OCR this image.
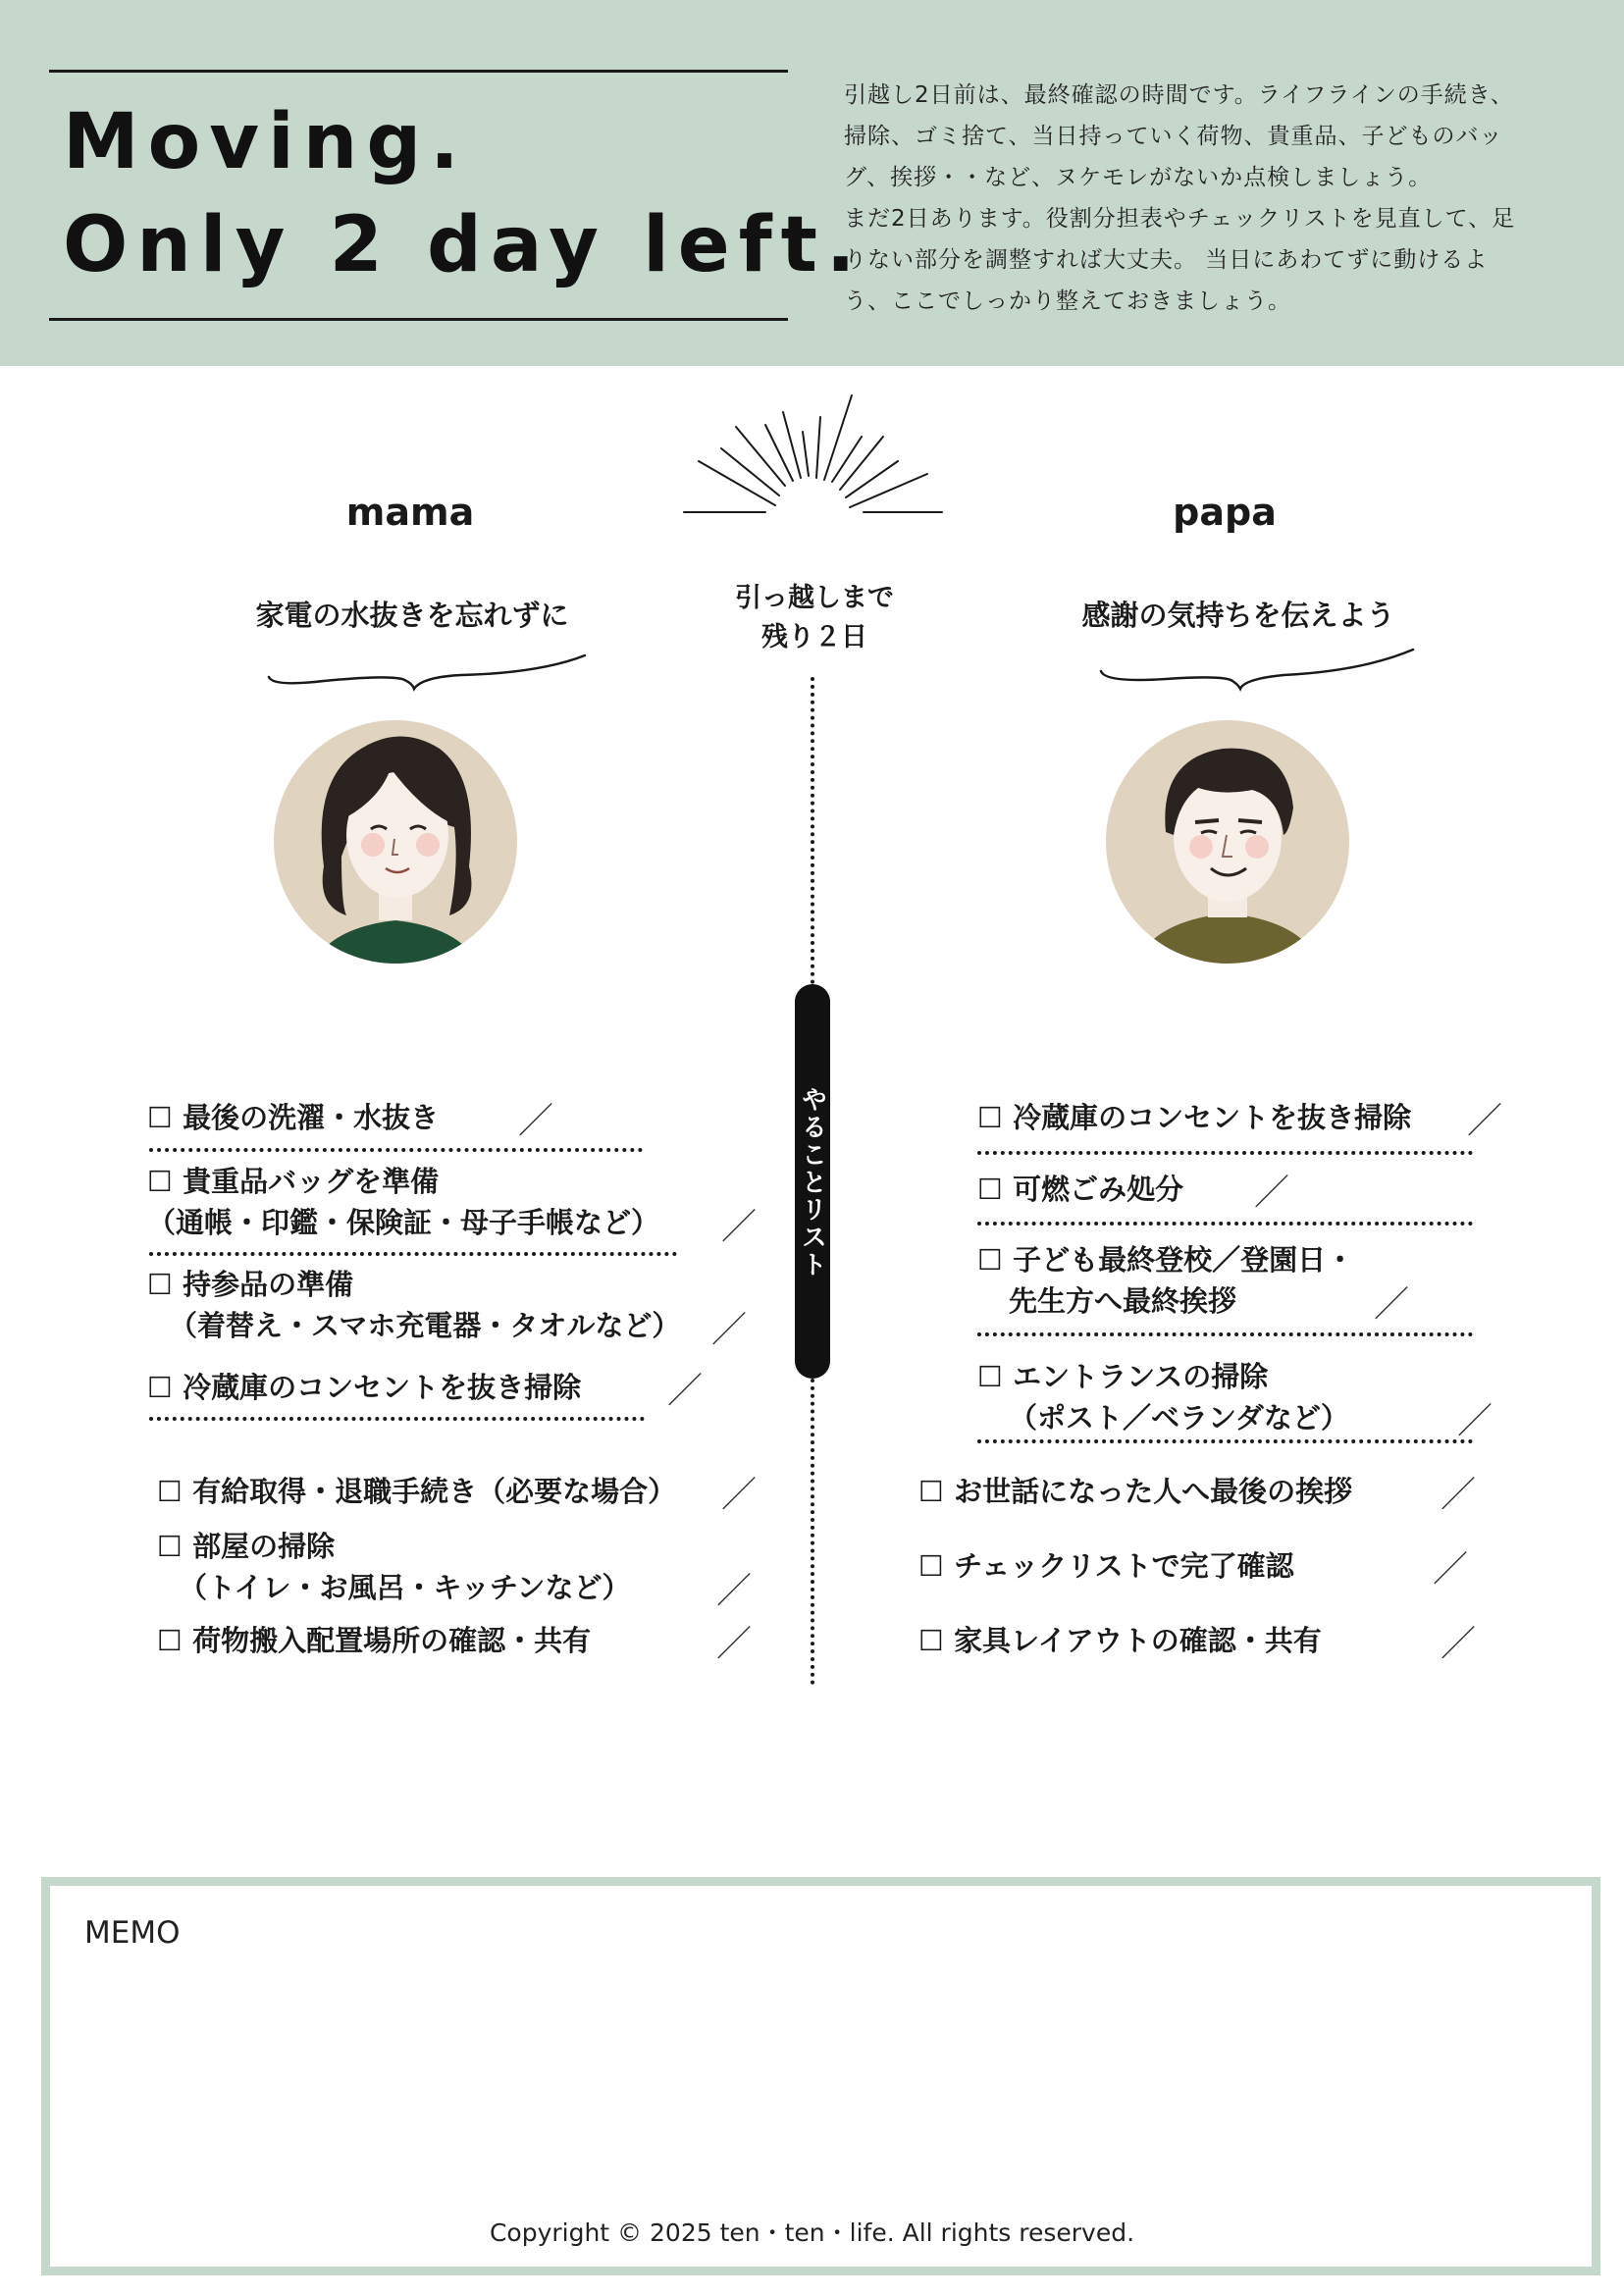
Moving.
Only 2 day left.
引越し2日前は、最終確認の時間です。ライフラインの手続き、
掃除、ゴミ捨て、当日持っていく荷物、貴重品、子どものバッ
グ、挨拶・・など、ヌケモレがないか点検しましょう。
まだ2日あります。役割分担表やチェックリストを見直して、足
りない部分を調整すれば大丈夫。 当日にあわてずに動けるよ
う、ここでしっかり整えておきましょう。
mama	papa
家電の水抜きを忘れずに	感謝の気持ちを伝えよう
引っ越しまで
残り２日
やることリスト
☐ 最後の洗濯・水抜き ／
☐ 貴重品バッグを準備
（通帳・印鑑・保険証・母子手帳など） ／
☐ 持参品の準備
（着替え・スマホ充電器・タオルなど） ／
☐ 冷蔵庫のコンセントを抜き掃除 ／
☐ 有給取得・退職手続き（必要な場合） ／
☐ 部屋の掃除
（トイレ・お風呂・キッチンなど） ／
☐ 荷物搬入配置場所の確認・共有	／
☐ 冷蔵庫のコンセントを抜き掃除 ／
☐ 可燃ごみ処分 ／
☐ 子ども最終登校／登園日・
先生方へ最終挨拶	／
☐ エントランスの掃除
（ポスト／ベランダなど）	／
☐ お世話になった人へ最後の挨拶 ／
☐ チェックリストで完了確認	／
☐ 家具レイアウトの確認・共有	／
MEMO
Copyright © 2025 ten・ten・life. All rights reserved.
